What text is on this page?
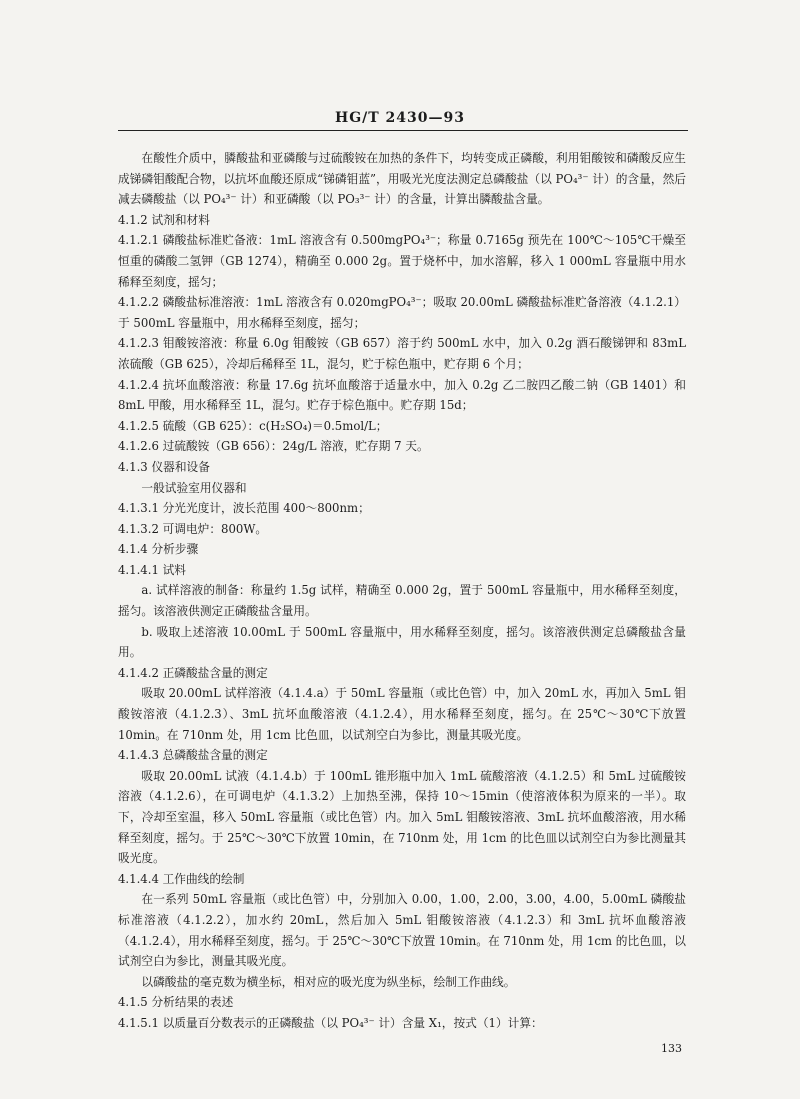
HG/T 2430—93

在酸性介质中，膦酸盐和亚磷酸与过硫酸铵在加热的条件下，均转变成正磷酸，利用钼酸铵和磷酸反应生成锑磷钼酸配合物，以抗坏血酸还原成“锑磷钼蓝”，用吸光光度法测定总磷酸盐（以 PO₄³⁻ 计）的含量，然后减去磷酸盐（以 PO₄³⁻ 计）和亚磷酸（以 PO₃³⁻ 计）的含量，计算出膦酸盐含量。

4.1.2 试剂和材料

4.1.2.1 磷酸盐标准贮备液：1mL 溶液含有 0.500mgPO₄³⁻；称量 0.7165g 预先在 100℃～105℃干燥至恒重的磷酸二氢钾（GB 1274），精确至 0.000 2g。置于烧杯中，加水溶解，移入 1 000mL 容量瓶中用水稀释至刻度，摇匀；

4.1.2.2 磷酸盐标准溶液：1mL 溶液含有 0.020mgPO₄³⁻；吸取 20.00mL 磷酸盐标准贮备溶液（4.1.2.1）于 500mL 容量瓶中，用水稀释至刻度，摇匀；

4.1.2.3 钼酸铵溶液：称量 6.0g 钼酸铵（GB 657）溶于约 500mL 水中，加入 0.2g 酒石酸锑钾和 83mL 浓硫酸（GB 625），冷却后稀释至 1L，混匀，贮于棕色瓶中，贮存期 6 个月；

4.1.2.4 抗坏血酸溶液：称量 17.6g 抗坏血酸溶于适量水中，加入 0.2g 乙二胺四乙酸二钠（GB 1401）和 8mL 甲酸，用水稀释至 1L，混匀。贮存于棕色瓶中。贮存期 15d；

4.1.2.5 硫酸（GB 625）：c(H₂SO₄)＝0.5mol/L；

4.1.2.6 过硫酸铵（GB 656）：24g/L 溶液，贮存期 7 天。

4.1.3 仪器和设备

一般试验室用仪器和

4.1.3.1 分光光度计，波长范围 400～800nm；

4.1.3.2 可调电炉：800W。

4.1.4 分析步骤

4.1.4.1 试料

a. 试样溶液的制备：称量约 1.5g 试样，精确至 0.000 2g，置于 500mL 容量瓶中，用水稀释至刻度，摇匀。该溶液供测定正磷酸盐含量用。

b. 吸取上述溶液 10.00mL 于 500mL 容量瓶中，用水稀释至刻度，摇匀。该溶液供测定总磷酸盐含量用。

4.1.4.2 正磷酸盐含量的测定

吸取 20.00mL 试样溶液（4.1.4.a）于 50mL 容量瓶（或比色管）中，加入 20mL 水，再加入 5mL 钼酸铵溶液（4.1.2.3）、3mL 抗坏血酸溶液（4.1.2.4），用水稀释至刻度，摇匀。在 25℃～30℃下放置 10min。在 710nm 处，用 1cm 比色皿，以试剂空白为参比，测量其吸光度。

4.1.4.3 总磷酸盐含量的测定

吸取 20.00mL 试液（4.1.4.b）于 100mL 锥形瓶中加入 1mL 硫酸溶液（4.1.2.5）和 5mL 过硫酸铵溶液（4.1.2.6），在可调电炉（4.1.3.2）上加热至沸，保持 10～15min（使溶液体积为原来的一半）。取下，冷却至室温，移入 50mL 容量瓶（或比色管）内。加入 5mL 钼酸铵溶液、3mL 抗坏血酸溶液，用水稀释至刻度，摇匀。于 25℃～30℃下放置 10min，在 710nm 处，用 1cm 的比色皿以试剂空白为参比测量其吸光度。

4.1.4.4 工作曲线的绘制

在一系列 50mL 容量瓶（或比色管）中，分别加入 0.00，1.00，2.00，3.00，4.00，5.00mL 磷酸盐标准溶液（4.1.2.2），加水约 20mL，然后加入 5mL 钼酸铵溶液（4.1.2.3）和 3mL 抗坏血酸溶液（4.1.2.4），用水稀释至刻度，摇匀。于 25℃～30℃下放置 10min。在 710nm 处，用 1cm 的比色皿，以试剂空白为参比，测量其吸光度。

以磷酸盐的毫克数为横坐标，相对应的吸光度为纵坐标，绘制工作曲线。

4.1.5 分析结果的表述

4.1.5.1 以质量百分数表示的正磷酸盐（以 PO₄³⁻ 计）含量 X₁，按式（1）计算：

133
